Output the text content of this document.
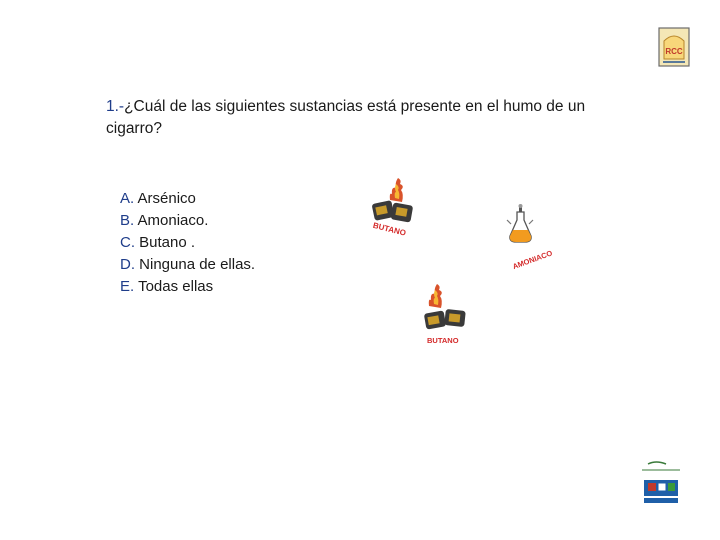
RCC
1.-¿Cuál de las siguientes sustancias está presente en el humo de un cigarro?
A. Arsénico
B. Amoniaco.
C. Butano .
D. Ninguna de ellas.
E. Todas ellas
BUTANO
AMONIACO
BUTANO
